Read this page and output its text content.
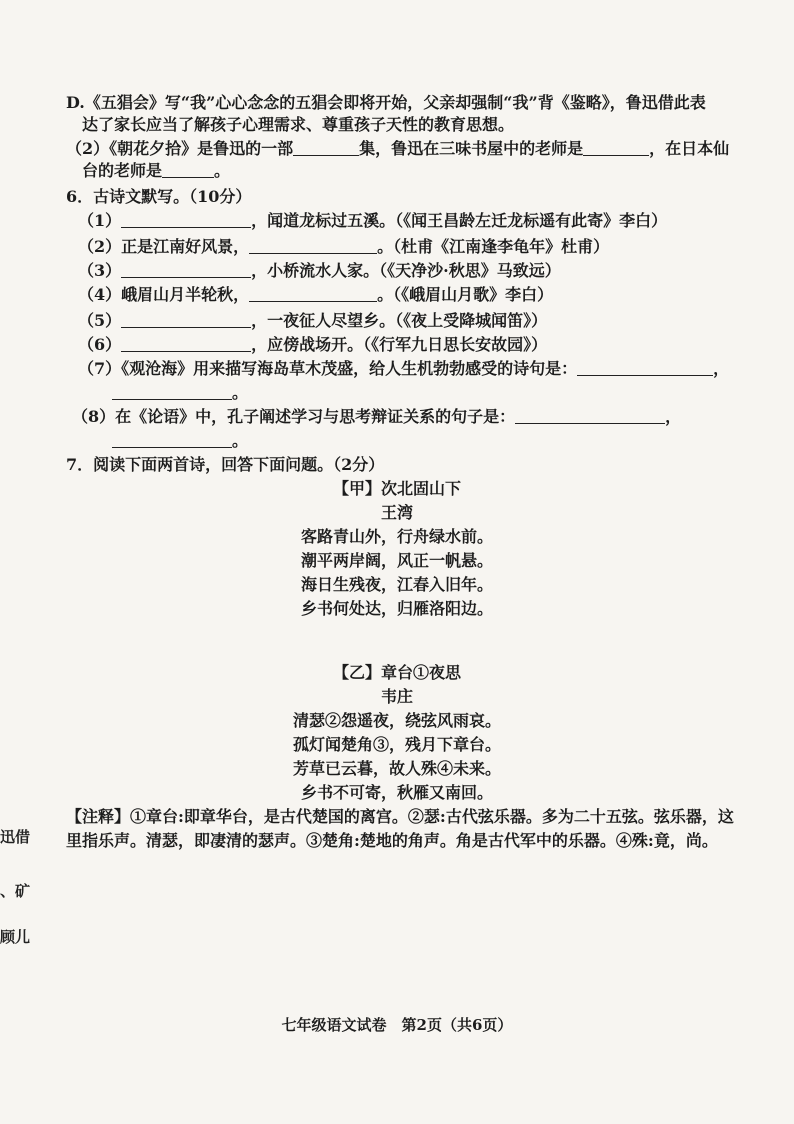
D.《五猖会》写“我”心心念念的五猖会即将开始，父亲却强制“我”背《鉴略》，鲁迅借此表
达了家长应当了解孩子心理需求、尊重孩子天性的教育思想。
（2）《朝花夕拾》是鲁迅的一部	集，鲁迅在三味书屋中的老师是	，在日本仙
台的老师是	。
6．古诗文默写。（10分）
（1）	，闻道龙标过五溪。（《闻王昌龄左迁龙标遥有此寄》李白）
（2）正是江南好风景，	。（杜甫《江南逢李龟年》杜甫）
（3）	，小桥流水人家。（《天净沙·秋思》马致远）
（4）峨眉山月半轮秋，	。（《峨眉山月歌》李白）
（5）	，一夜征人尽望乡。（《夜上受降城闻笛》）
（6）	，应傍战场开。（《行军九日思长安故园》）
（7）《观沧海》用来描写海岛草木茂盛，给人生机勃勃感受的诗句是：	，
。
（8）在《论语》中，孔子阐述学习与思考辩证关系的句子是：	，
。
7．阅读下面两首诗，回答下面问题。（2分）
【甲】次北固山下
王湾
客路青山外，行舟绿水前。
潮平两岸阔，风正一帆悬。
海日生残夜，江春入旧年。
乡书何处达，归雁洛阳边。
【乙】章台①夜思
韦庄
清瑟②怨遥夜，绕弦风雨哀。
孤灯闻楚角③，残月下章台。
芳草已云暮，故人殊④未来。
乡书不可寄，秋雁又南回。
【注释】①章台:即章华台，是古代楚国的离宫。②瑟:古代弦乐器。多为二十五弦。弦乐器，这
里指乐声。清瑟，即凄清的瑟声。③楚角:楚地的角声。角是古代军中的乐器。④殊:竟，尚。
迅借
、矿
顾儿
七年级语文试卷　第2页（共6页）
